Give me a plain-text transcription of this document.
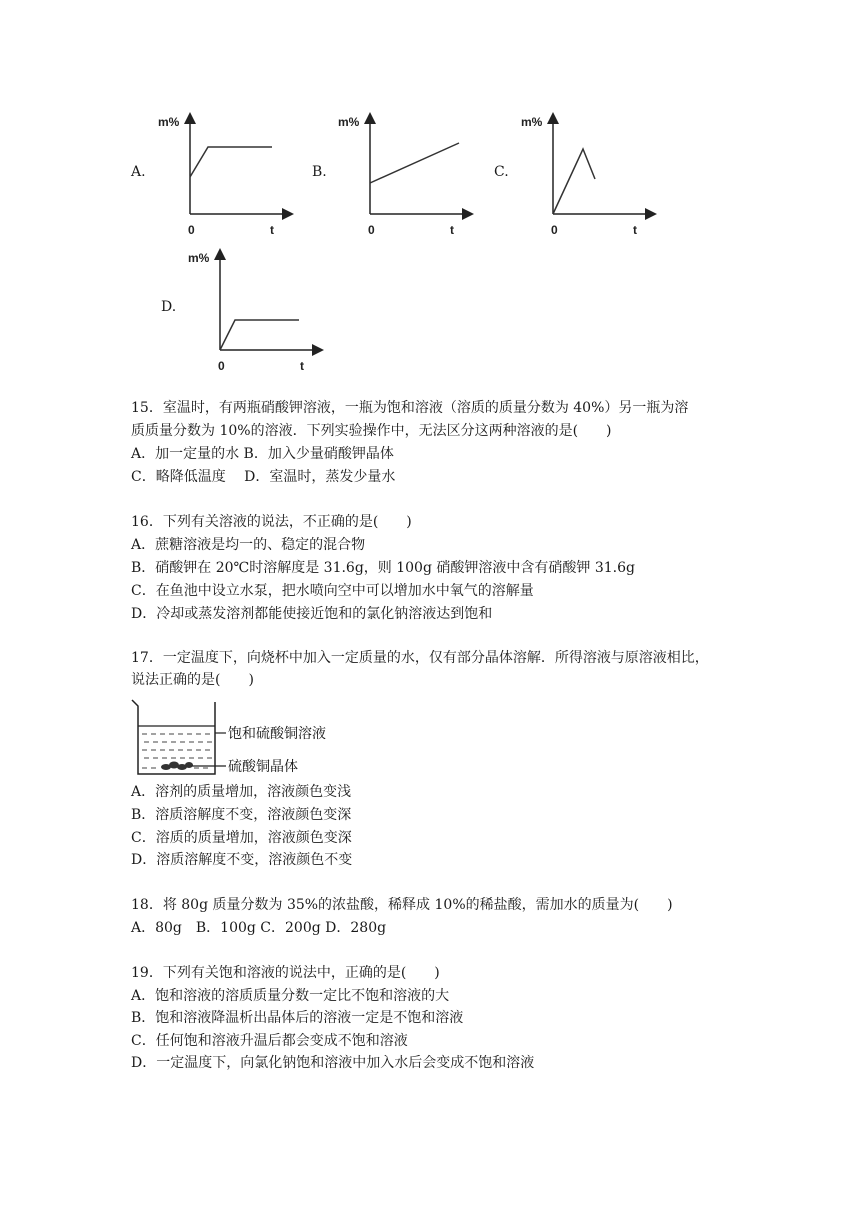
A.
m%
0	t
B.
m%
0	t
C.
m%
0	t
D.
m%
0	t
15．室温时，有两瓶硝酸钾溶液，一瓶为饱和溶液（溶质的质量分数为 40%）另一瓶为溶
质质量分数为 10%的溶液．下列实验操作中，无法区分这两种溶液的是(　　)
A．加一定量的水 B．加入少量硝酸钾晶体
C．略降低温度　 D．室温时，蒸发少量水
16．下列有关溶液的说法，不正确的是(　　)
A．蔗糖溶液是均一的、稳定的混合物
B．硝酸钾在 20℃时溶解度是 31.6g，则 100g 硝酸钾溶液中含有硝酸钾 31.6g
C．在鱼池中设立水泵，把水喷向空中可以增加水中氧气的溶解量
D．冷却或蒸发溶剂都能使接近饱和的氯化钠溶液达到饱和
17．一定温度下，向烧杯中加入一定质量的水，仅有部分晶体溶解．所得溶液与原溶液相比，
说法正确的是(　　)
饱和硫酸铜溶液
硫酸铜晶体
A．溶剂的质量增加，溶液颜色变浅
B．溶质溶解度不变，溶液颜色变深
C．溶质的质量增加，溶液颜色变深
D．溶质溶解度不变，溶液颜色不变
18．将 80g 质量分数为 35%的浓盐酸，稀释成 10%的稀盐酸，需加水的质量为(　　)
A．80g　B．100g C．200g D．280g
19．下列有关饱和溶液的说法中，正确的是(　　)
A．饱和溶液的溶质质量分数一定比不饱和溶液的大
B．饱和溶液降温析出晶体后的溶液一定是不饱和溶液
C．任何饱和溶液升温后都会变成不饱和溶液
D．一定温度下，向氯化钠饱和溶液中加入水后会变成不饱和溶液
